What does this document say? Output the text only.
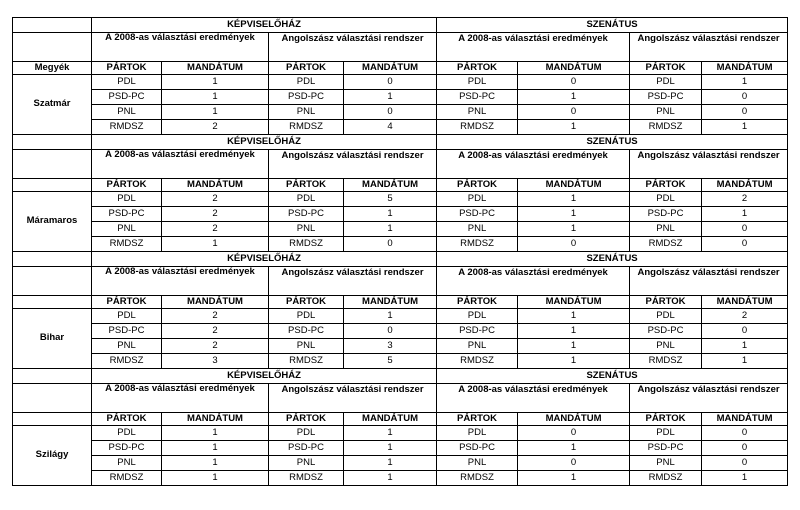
	KÉPVISELŐHÁZ				SZENÁTUS			
	A 2008-as választási eredmények		Angolszász választási rendszer		A 2008-as választási eredmények		Angolszász választási rendszer	
Megyék	PÁRTOK	MANDÁTUM	PÁRTOK	MANDÁTUM	PÁRTOK	MANDÁTUM	PÁRTOK	MANDÁTUM
Szatmár	PDL	1	PDL	0	PDL	0	PDL	1
	PSD-PC	1	PSD-PC	1	PSD-PC	1	PSD-PC	0
	PNL	1	PNL	0	PNL	0	PNL	0
	RMDSZ	2	RMDSZ	4	RMDSZ	1	RMDSZ	1
	KÉPVISELŐHÁZ				SZENÁTUS			
	A 2008-as választási eredmények		Angolszász választási rendszer		A 2008-as választási eredmények		Angolszász választási rendszer	
	PÁRTOK	MANDÁTUM	PÁRTOK	MANDÁTUM	PÁRTOK	MANDÁTUM	PÁRTOK	MANDÁTUM
Máramaros	PDL	2	PDL	5	PDL	1	PDL	2
	PSD-PC	2	PSD-PC	1	PSD-PC	1	PSD-PC	1
	PNL	2	PNL	1	PNL	1	PNL	0
	RMDSZ	1	RMDSZ	0	RMDSZ	0	RMDSZ	0
	KÉPVISELŐHÁZ				SZENÁTUS			
	A 2008-as választási eredmények		Angolszász választási rendszer		A 2008-as választási eredmények		Angolszász választási rendszer	
	PÁRTOK	MANDÁTUM	PÁRTOK	MANDÁTUM	PÁRTOK	MANDÁTUM	PÁRTOK	MANDÁTUM
Bihar	PDL	2	PDL	1	PDL	1	PDL	2
	PSD-PC	2	PSD-PC	0	PSD-PC	1	PSD-PC	0
	PNL	2	PNL	3	PNL	1	PNL	1
	RMDSZ	3	RMDSZ	5	RMDSZ	1	RMDSZ	1
	KÉPVISELŐHÁZ				SZENÁTUS			
	A 2008-as választási eredmények		Angolszász választási rendszer		A 2008-as választási eredmények		Angolszász választási rendszer	
	PÁRTOK	MANDÁTUM	PÁRTOK	MANDÁTUM	PÁRTOK	MANDÁTUM	PÁRTOK	MANDÁTUM
Szilágy	PDL	1	PDL	1	PDL	0	PDL	0
	PSD-PC	1	PSD-PC	1	PSD-PC	1	PSD-PC	0
	PNL	1	PNL	1	PNL	0	PNL	0
	RMDSZ	1	RMDSZ	1	RMDSZ	1	RMDSZ	1
